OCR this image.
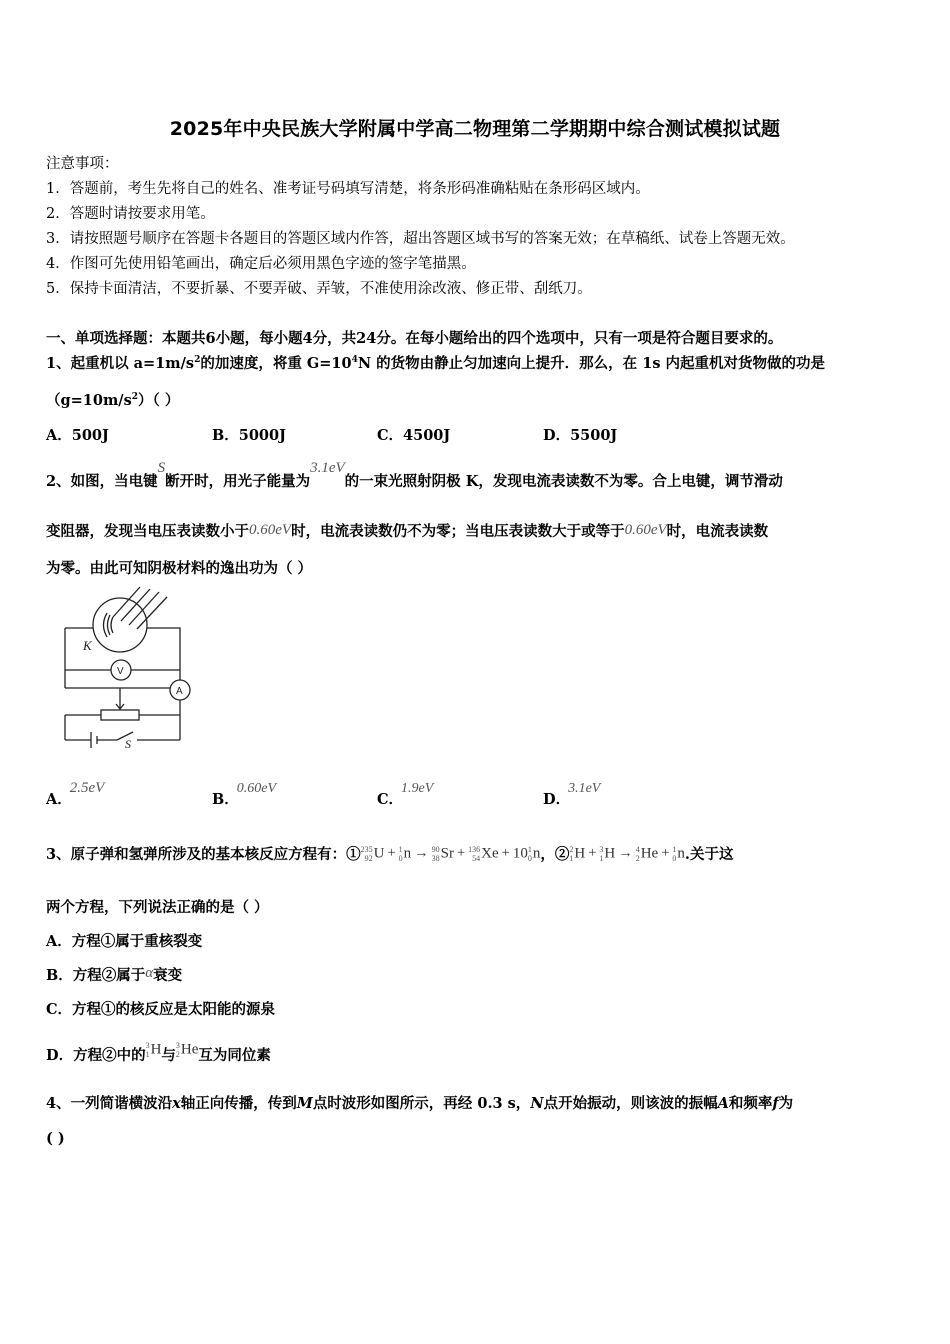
2025年中央民族大学附属中学高二物理第二学期期中综合测试模拟试题
注意事项：
1．答题前，考生先将自己的姓名、准考证号码填写清楚，将条形码准确粘贴在条形码区域内。
2．答题时请按要求用笔。
3．请按照题号顺序在答题卡各题目的答题区域内作答，超出答题区域书写的答案无效；在草稿纸、试卷上答题无效。
4．作图可先使用铅笔画出，确定后必须用黑色字迹的签字笔描黑。
5．保持卡面清洁，不要折暴、不要弄破、弄皱，不准使用涂改液、修正带、刮纸刀。
一、单项选择题：本题共6小题，每小题4分，共24分。在每小题给出的四个选项中，只有一项是符合题目要求的。
1、起重机以 $a=1m/s^2$的加速度，将重 $G=10^4N$ 的货物由静止匀加速向上提升．那么，在 1s 内起重机对货物做的功是
$(g=10m/s^2)$（ ）
A．500J	B．5000J	C．4500J	D．5500J
2、如图，当电键S断开时，用光子能量为3.1eV的一束光照射阴极 K，发现电流表读数不为零。合上电键，调节滑动
变阻器，发现当电压表读数小于0.60eV时，电流表读数仍不为零；当电压表读数大于或等于0.60eV时，电流表读数
为零。由此可知阴极材料的逸出功为（ ）
K
V
A
S
A．2.5eV
B．0.60eV
C．1.9eV
D．3.1eV
3、原子弹和氢弹所涉及的基本核反应方程有：① 235
92 U + 1
0 n → 90
38 Sr + 136
54 Xe + 10 1
0 n，② 2
1 H + 3
1 H → 4
2 He + 1
0 n.关于这
两个方程，下列说法正确的是（ ）
A．方程①属于重核裂变
B．方程②属于α衰变
C．方程①的核反应是太阳能的源泉
D．方程②中的
3
1 H与
3
2 He互为同位素
4、一列简谐横波沿x轴正向传播，传到M点时波形如图所示，再经 0.3 s，N点开始振动，则该波的振幅A和频率f为
( )
